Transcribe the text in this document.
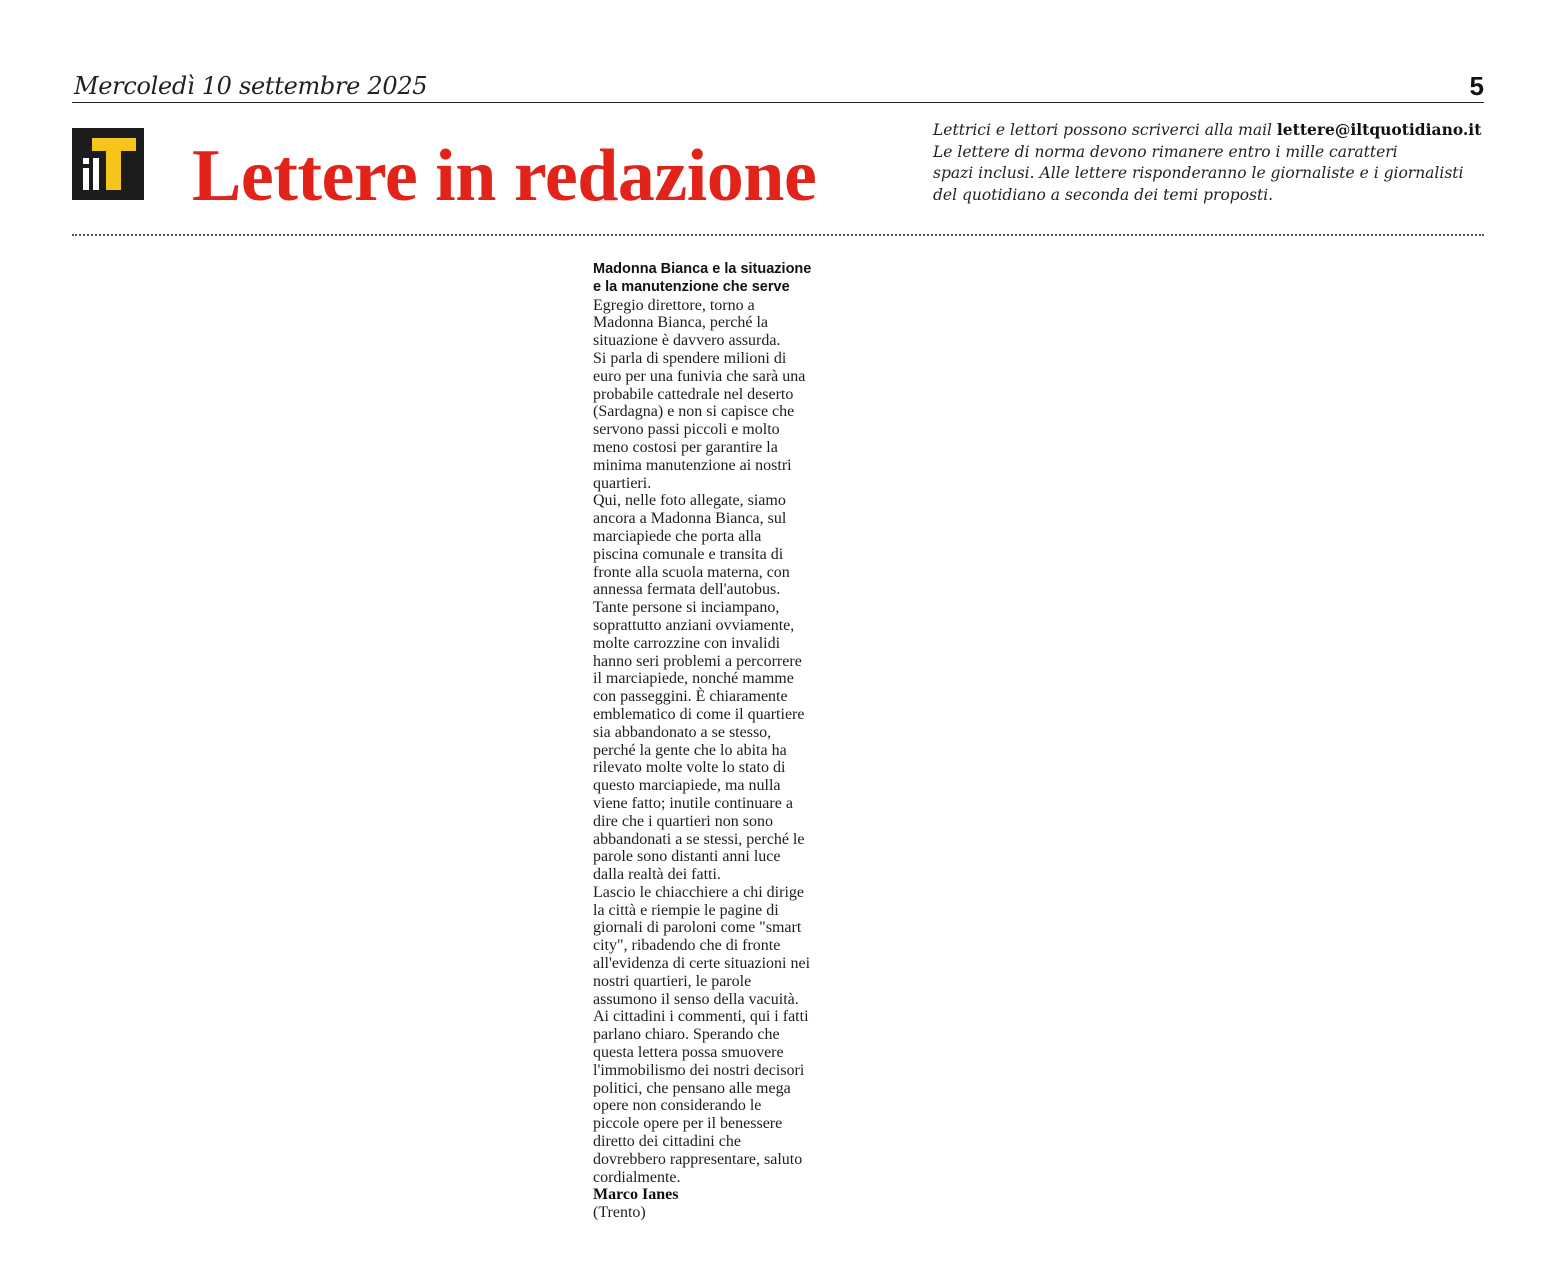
Mercoledì 10 settembre 2025	5
Lettere in redazione
Lettrici e lettori possono scriverci alla mail lettere@iltquotidiano.it
Le lettere di norma devono rimanere entro i mille caratteri
spazi inclusi. Alle lettere risponderanno le giornaliste e i giornalisti
del quotidiano a seconda dei temi proposti.
Madonna Bianca e la situazione
e la manutenzione che serve
Egregio direttore, torno a
Madonna Bianca, perché la
situazione è davvero assurda.
Si parla di spendere milioni di
euro per una funivia che sarà una
probabile cattedrale nel deserto
(Sardagna) e non si capisce che
servono passi piccoli e molto
meno costosi per garantire la
minima manutenzione ai nostri
quartieri.
Qui, nelle foto allegate, siamo
ancora a Madonna Bianca, sul
marciapiede che porta alla
piscina comunale e transita di
fronte alla scuola materna, con
annessa fermata dell'autobus.
Tante persone si inciampano,
soprattutto anziani ovviamente,
molte carrozzine con invalidi
hanno seri problemi a percorrere
il marciapiede, nonché mamme
con passeggini. È chiaramente
emblematico di come il quartiere
sia abbandonato a se stesso,
perché la gente che lo abita ha
rilevato molte volte lo stato di
questo marciapiede, ma nulla
viene fatto; inutile continuare a
dire che i quartieri non sono
abbandonati a se stessi, perché le
parole sono distanti anni luce
dalla realtà dei fatti.
Lascio le chiacchiere a chi dirige
la città e riempie le pagine di
giornali di paroloni come "smart
city", ribadendo che di fronte
all'evidenza di certe situazioni nei
nostri quartieri, le parole
assumono il senso della vacuità.
Ai cittadini i commenti, qui i fatti
parlano chiaro. Sperando che
questa lettera possa smuovere
l'immobilismo dei nostri decisori
politici, che pensano alle mega
opere non considerando le
piccole opere per il benessere
diretto dei cittadini che
dovrebbero rappresentare, saluto
cordialmente.
Marco Ianes
(Trento)
